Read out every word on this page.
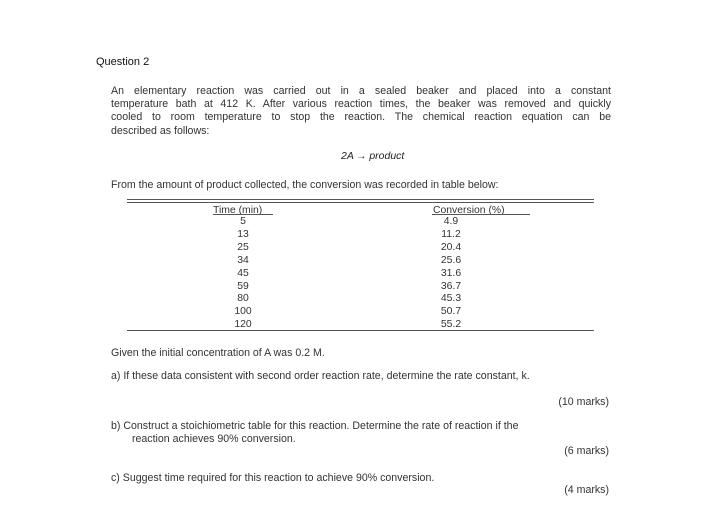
Question 2
An elementary reaction was carried out in a sealed beaker and placed into a constant
temperature bath at 412 K. After various reaction times, the beaker was removed and quickly
cooled to room temperature to stop the reaction. The chemical reaction equation can be
described as follows:
2A → product
From the amount of product collected, the conversion was recorded in table below:
Time (min)	Conversion (%)
5	4.9
13	11.2
25	20.4
34	25.6
45	31.6
59	36.7
80	45.3
100	50.7
120	55.2
Given the initial concentration of A was 0.2 M.
a) If these data consistent with second order reaction rate, determine the rate constant, k.
(10 marks)
b) Construct a stoichiometric table for this reaction. Determine the rate of reaction if the
reaction achieves 90% conversion.
(6 marks)
c) Suggest time required for this reaction to achieve 90% conversion.
(4 marks)
